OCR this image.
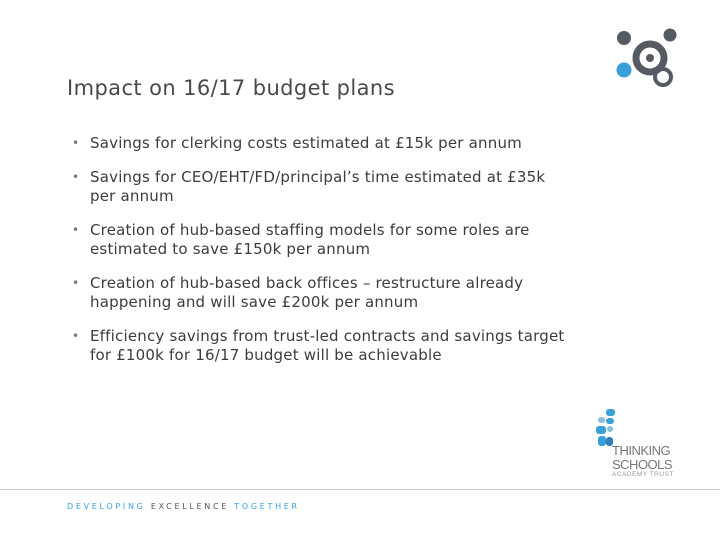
Impact on 16/17 budget plans
• Savings for clerking costs estimated at £15k per annum
• Savings for CEO/EHT/FD/principal’s time estimated at £35k per annum
• Creation of hub-based staffing models for some roles are estimated to save £150k per annum
• Creation of hub-based back offices – restructure already happening and will save £200k per annum
• Efficiency savings from trust-led contracts and savings target for £100k for 16/17 budget will be achievable
THINKING
SCHOOLS
ACADEMY TRUST
DEVELOPING EXCELLENCE TOGETHER
